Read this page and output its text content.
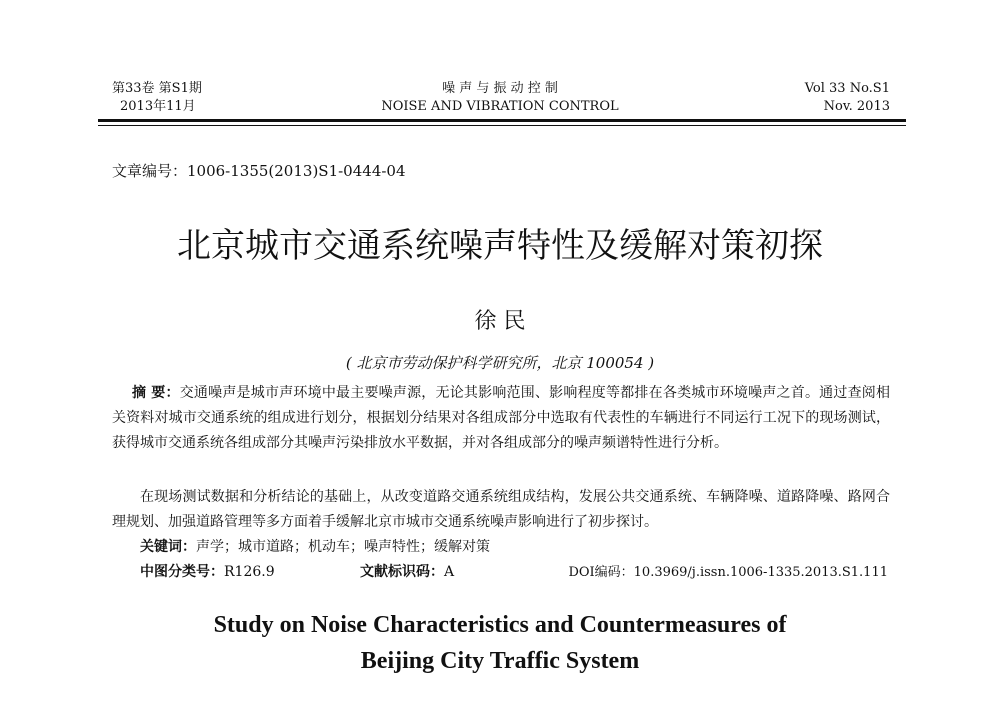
第33卷 第S1期
2013年11月
噪 声 与 振 动 控 制
NOISE AND VIBRATION CONTROL
Vol 33 No.S1
Nov. 2013
文章编号：1006-1355(2013)S1-0444-04
北京城市交通系统噪声特性及缓解对策初探
徐 民
( 北京市劳动保护科学研究所，北京 100054 )
摘 要：交通噪声是城市声环境中最主要噪声源，无论其影响范围、影响程度等都排在各类城市环境噪声之首。通过查阅相关资料对城市交通系统的组成进行划分，根据划分结果对各组成部分中选取有代表性的车辆进行不同运行工况下的现场测试，获得城市交通系统各组成部分其噪声污染排放水平数据，并对各组成部分的噪声频谱特性进行分析。
在现场测试数据和分析结论的基础上，从改变道路交通系统组成结构，发展公共交通系统、车辆降噪、道路降噪、路网合理规划、加强道路管理等多方面着手缓解北京市城市交通系统噪声影响进行了初步探讨。
关键词：声学；城市道路；机动车；噪声特性；缓解对策
中图分类号：R126.9	文献标识码：A	DOI编码：10.3969/j.issn.1006-1335.2013.S1.111
Study on Noise Characteristics and Countermeasures of
Beijing City Traffic System
